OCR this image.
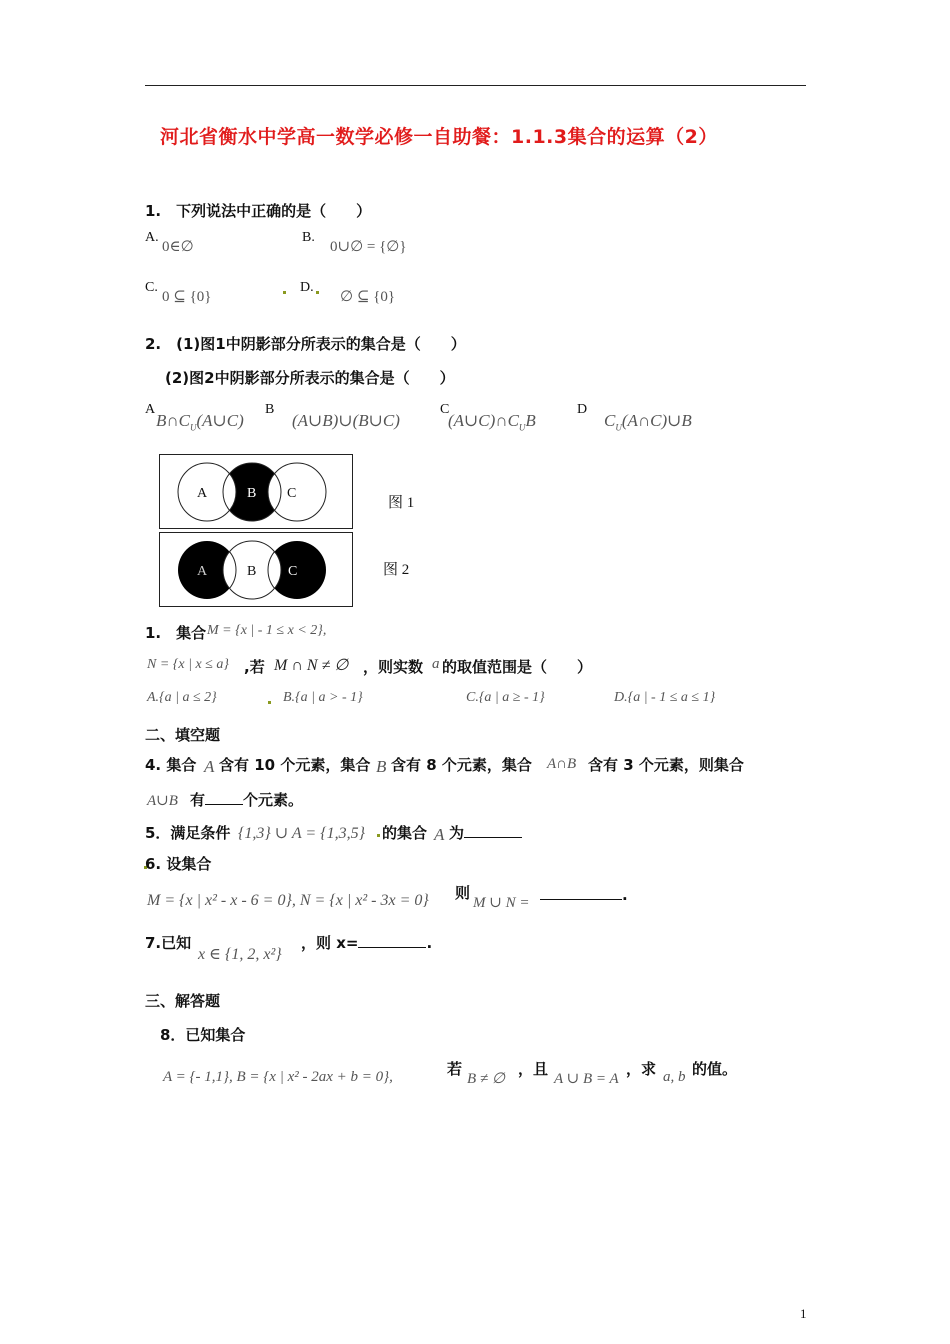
河北省衡水中学高一数学必修一自助餐：1.1.3集合的运算（2）
1.　下列说法中正确的是（　　）
A.
0∈∅
B.
0∪∅ = {∅}
C.
0 ⊆ {0}
D.
∅ ⊆ {0}
2.　(1)图1中阴影部分所表示的集合是（　　）
(2)图2中阴影部分所表示的集合是（　　）
A
$B\cap C_U(A\cup C)$
B
(A∪B)∪(B∪C)
C
$(A\cup C)\cap C_UB$
D
$C_U(A\cap C)\cup B$
A	B C
图 1
A	B C	图 2
1.　集合 M = {x | - 1 ≤ x < 2},
N = {x | x ≤ a} ,若 M ∩ N ≠ ∅ ，则实数 a 的取值范围是（　　）
A.{a | a ≤ 2}	B.{a | a > - 1}	C.{a | a ≥ - 1}	D.{a | - 1 ≤ a ≤ 1}
二、填空题
4. 集合 A 含有 10 个元素，集合 B 含有 8 个元素，集合 A∩B 含有 3 个元素，则集合
A∪B 有	个元素。
5．满足条件 {1,3} ∪ A = {1,3,5} 的集合 A 为
6. 设集合
M = {x | x² - x - 6 = 0}, N = {x | x² - 3x = 0} 则
M ∪ N =	.
7.已知
x ∈ {1, 2, x²}
，则 x=	.
三、解答题
8．已知集合
A = {- 1,1}, B = {x | x² - 2ax + b = 0},	若
B ≠ ∅
，且
A ∪ B = A
，求 a, b 的值。
1
